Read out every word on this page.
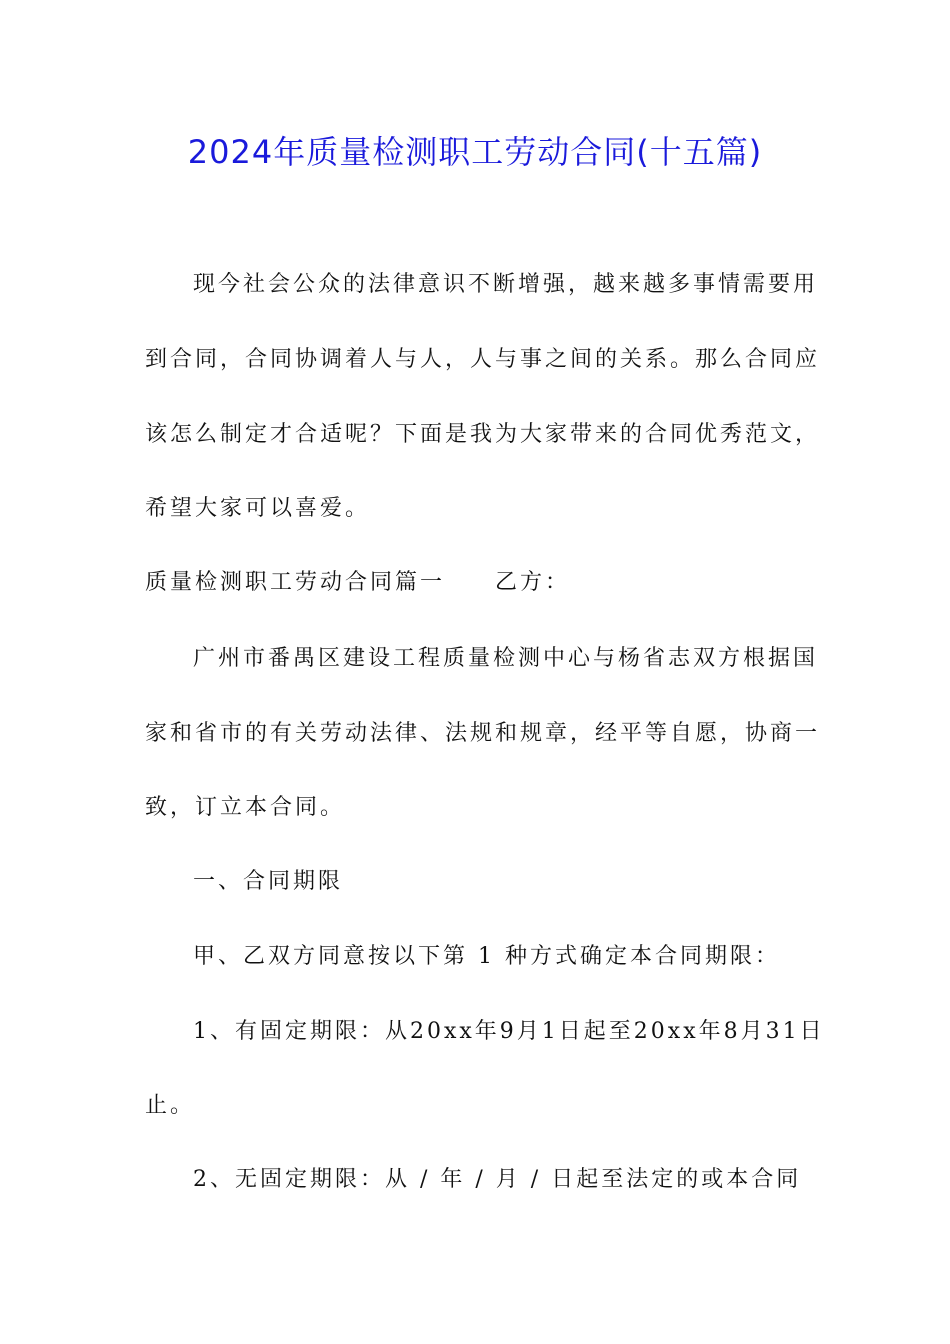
2024年质量检测职工劳动合同(十五篇)
现今社会公众的法律意识不断增强，越来越多事情需要用
到合同，合同协调着人与人，人与事之间的关系。那么合同应
该怎么制定才合适呢？下面是我为大家带来的合同优秀范文，
希望大家可以喜爱。
质量检测职工劳动合同篇一 乙方：
广州市番禺区建设工程质量检测中心与杨省志双方根据国
家和省市的有关劳动法律、法规和规章，经平等自愿，协商一
致，订立本合同。
一、合同期限
甲、乙双方同意按以下第 1 种方式确定本合同期限：
1、有固定期限：从20xx年9月1日起至20xx年8月31日
止。
2、无固定期限：从 / 年 / 月 / 日起至法定的或本合同
